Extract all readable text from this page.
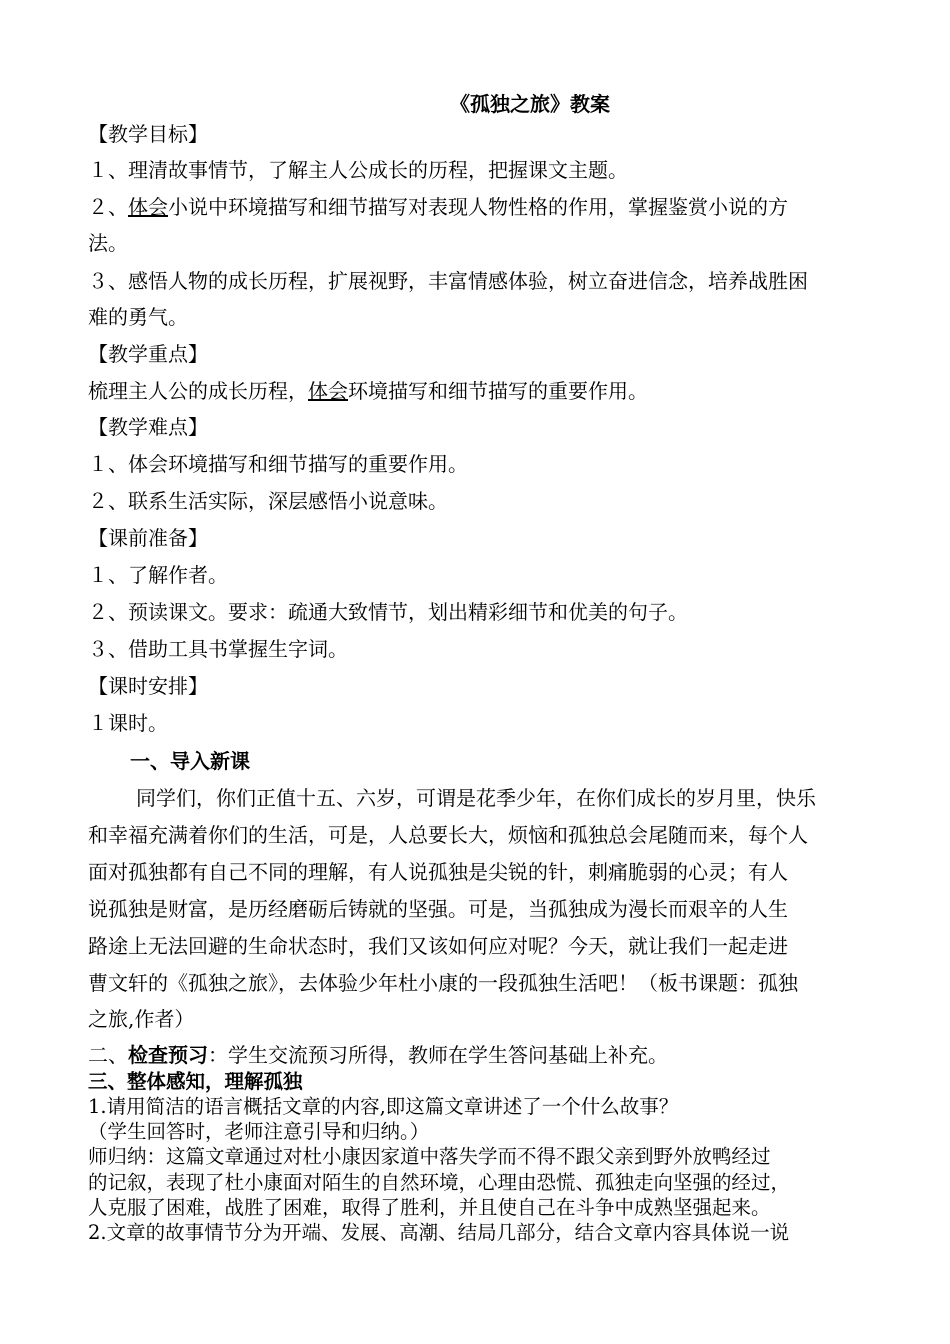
《孤独之旅》教案
【教学目标】
１、理清故事情节，了解主人公成长的历程，把握课文主题。
２、体会小说中环境描写和细节描写对表现人物性格的作用，掌握鉴赏小说的方
法。
３、感悟人物的成长历程，扩展视野，丰富情感体验，树立奋进信念，培养战胜困
难的勇气。
【教学重点】
梳理主人公的成长历程，体会环境描写和细节描写的重要作用。
【教学难点】
１、体会环境描写和细节描写的重要作用。
２、联系生活实际，深层感悟小说意味。
【课前准备】
１、了解作者。
２、预读课文。要求：疏通大致情节，划出精彩细节和优美的句子。
３、借助工具书掌握生字词。
【课时安排】
１课时。
一、导入新课
同学们，你们正值十五、六岁，可谓是花季少年，在你们成长的岁月里，快乐
和幸福充满着你们的生活，可是，人总要长大，烦恼和孤独总会尾随而来，每个人
面对孤独都有自己不同的理解，有人说孤独是尖锐的针，刺痛脆弱的心灵；有人
说孤独是财富，是历经磨砺后铸就的坚强。可是，当孤独成为漫长而艰辛的人生
路途上无法回避的生命状态时，我们又该如何应对呢？今天，就让我们一起走进
曹文轩的《孤独之旅》，去体验少年杜小康的一段孤独生活吧！（板书课题：孤独
之旅,作者）
二、检查预习：学生交流预习所得，教师在学生答问基础上补充。
三、整体感知，理解孤独
1.请用简洁的语言概括文章的内容,即这篇文章讲述了一个什么故事？
（学生回答时，老师注意引导和归纳。）
师归纳：这篇文章通过对杜小康因家道中落失学而不得不跟父亲到野外放鸭经过
的记叙，表现了杜小康面对陌生的自然环境，心理由恐慌、孤独走向坚强的经过，
人克服了困难，战胜了困难，取得了胜利，并且使自己在斗争中成熟坚强起来。
2.文章的故事情节分为开端、发展、高潮、结局几部分，结合文章内容具体说一说
